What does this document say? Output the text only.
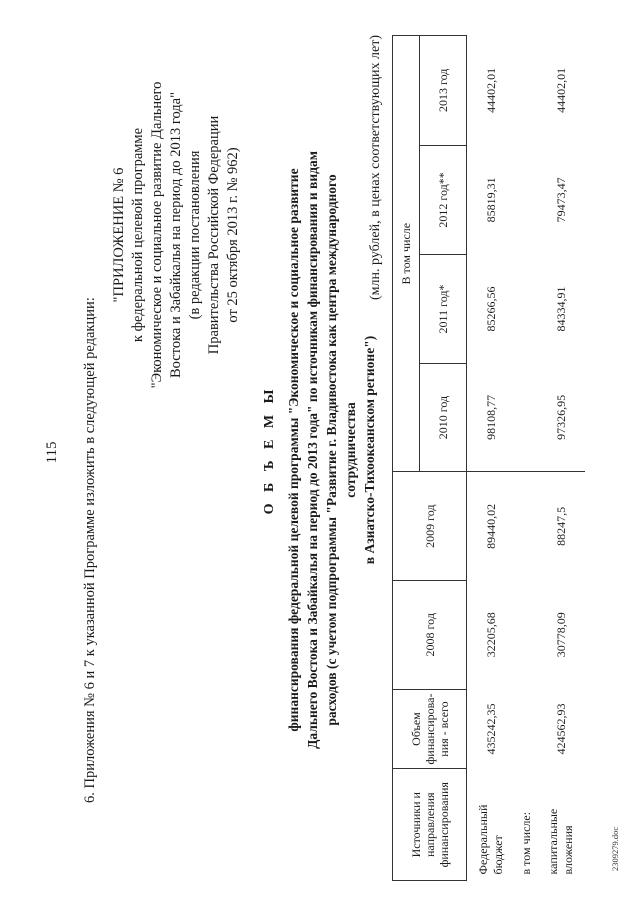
115 6. Приложения № 6 и 7 к указанной Программе изложить в следующей редакции:
"ПРИЛОЖЕНИЕ № 6 к федеральной целевой программе "Экономическое и социальное развитие Дальнего Востока и Забайкалья на период до 2013 года" (в редакции постановления Правительства Российской Федерации от 25 октября 2013 г. № 962)
О Б Ъ Е М Ы финансирования федеральной целевой программы "Экономическое и социальное развитие Дальнего Востока и Забайкалья на период до 2013 года" по источникам финансирования и видам расходов (с учетом подпрограммы "Развитие г. Владивостока как центра международного сотрудничества в Азиатско-Тихоокеанском регионе")
(млн. рублей, в ценах соответствующих лет)
Источники и направления финансирования	Объем финансирова-ния - всего	2008 год	2009 год	В том числе			
				2010 год	2011 год*	2012 год**	2013 год
Федеральный бюджет	435242,35	32205,68	89440,02	98108,77	85266,56	85819,31	44402,01
в том числе:							
капитальные вложения	424562,93	30778,09	88247,5	97326,95	84334,91	79473,47	44402,01
2309279.doc
